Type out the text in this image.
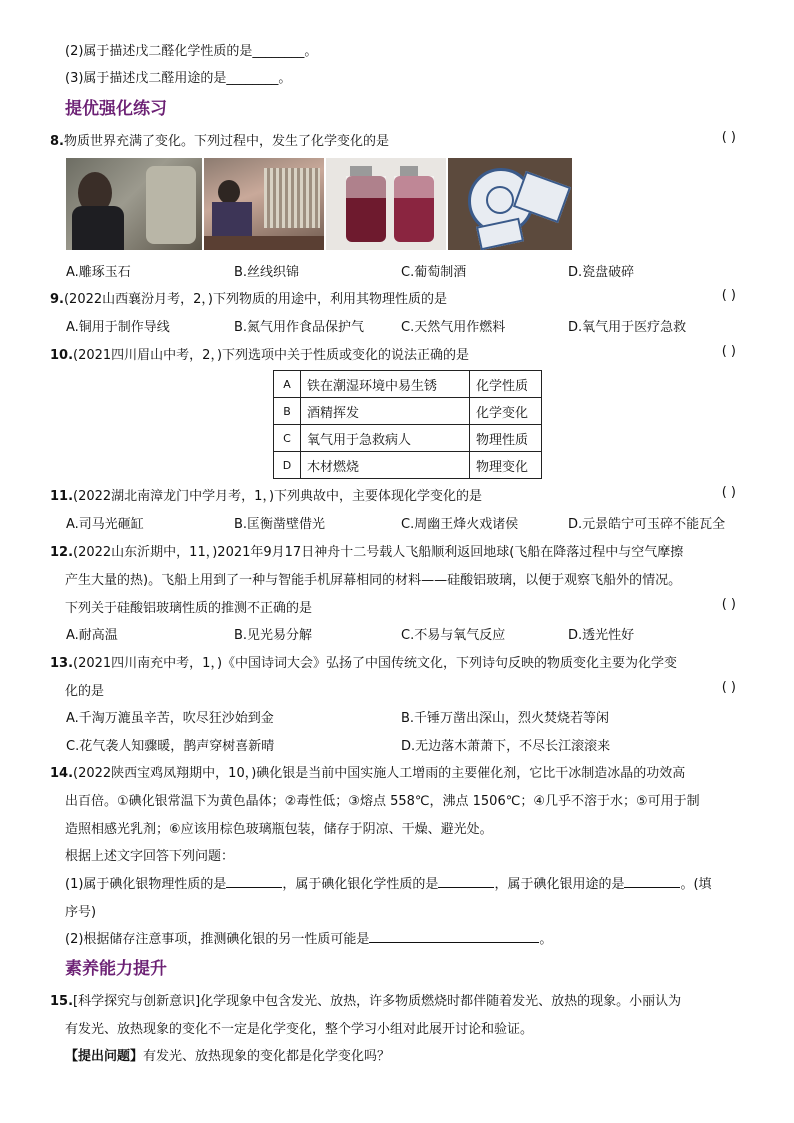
(2)属于描述戊二醛化学性质的是________。
(3)属于描述戊二醛用途的是________。
提优强化练习
8.物质世界充满了变化。下列过程中，发生了化学变化的是	( )
A.雕琢玉石	B.丝线织锦	C.葡萄制酒	D.瓷盘破碎
9.(2022山西襄汾月考，2，)下列物质的用途中，利用其物理性质的是	( )
A.铜用于制作导线	B.氮气用作食品保护气	C.天然气用作燃料	D.氧气用于医疗急救
10.(2021四川眉山中考，2，)下列选项中关于性质或变化的说法正确的是	( )
A	铁在潮湿环境中易生锈	化学性质
B	酒精挥发	化学变化
C	氧气用于急救病人	物理性质
D	木材燃烧	物理变化
11.(2022湖北南漳龙门中学月考，1，)下列典故中，主要体现化学变化的是	( )
A.司马光砸缸	B.匡衡凿壁借光	C.周幽王烽火戏诸侯	D.元景皓宁可玉碎不能瓦全
12.(2022山东沂期中，11，)2021年9月17日神舟十二号载人飞船顺利返回地球(飞船在降落过程中与空气摩擦
产生大量的热)。飞船上用到了一种与智能手机屏幕相同的材料——硅酸铝玻璃，以便于观察飞船外的情况。
下列关于硅酸铝玻璃性质的推测不正确的是	( )
A.耐高温	B.见光易分解	C.不易与氧气反应	D.透光性好
13.(2021四川南充中考，1，)《中国诗词大会》弘扬了中国传统文化，下列诗句反映的物质变化主要为化学变
化的是	( )
A.千淘万漉虽辛苦，吹尽狂沙始到金	B.千锤万凿出深山，烈火焚烧若等闲
C.花气袭人知骤暖，鹊声穿树喜新晴	D.无边落木萧萧下，不尽长江滚滚来
14.(2022陕西宝鸡凤翔期中，10，)碘化银是当前中国实施人工增雨的主要催化剂，它比干冰制造冰晶的功效高
出百倍。①碘化银常温下为黄色晶体；②毒性低；③熔点 558℃，沸点 1506℃；④几乎不溶于水；⑤可用于制
造照相感光乳剂；⑥应该用棕色玻璃瓶包装，储存于阴凉、干燥、避光处。
根据上述文字回答下列问题：
(1)属于碘化银物理性质的是	，属于碘化银化学性质的是	，属于碘化银用途的是	。(填
序号)
(2)根据储存注意事项，推测碘化银的另一性质可能是	。
素养能力提升
15.[科学探究与创新意识]化学现象中包含发光、放热，许多物质燃烧时都伴随着发光、放热的现象。小丽认为
有发光、放热现象的变化不一定是化学变化，整个学习小组对此展开讨论和验证。
【提出问题】有发光、放热现象的变化都是化学变化吗？
